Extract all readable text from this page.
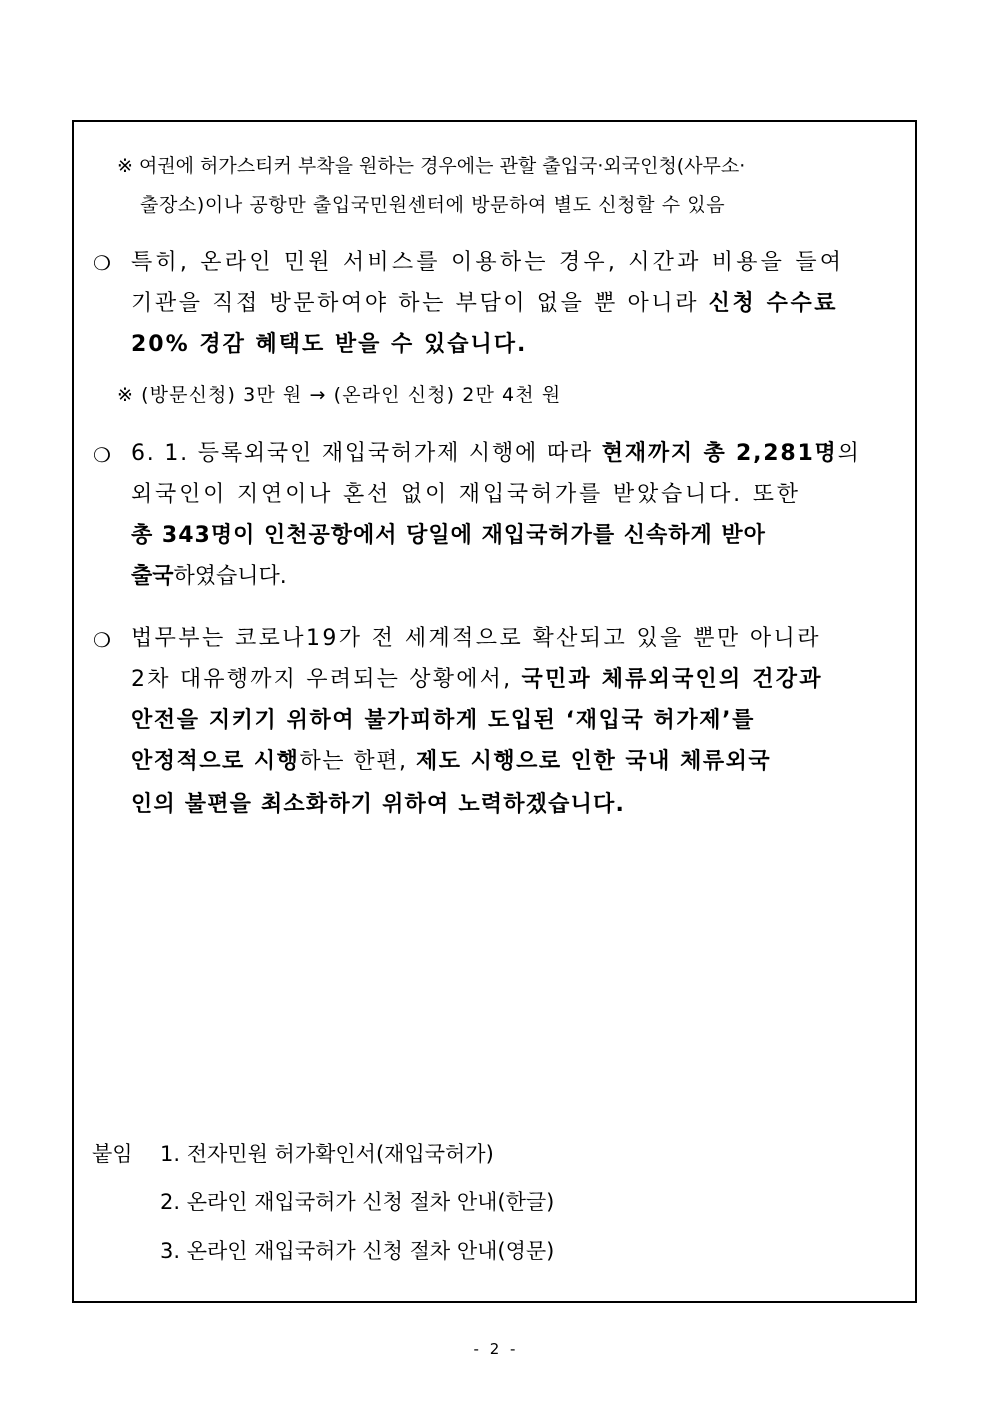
※ 여권에 허가스티커 부착을 원하는 경우에는 관할 출입국·외국인청(사무소·
출장소)이나 공항만 출입국민원센터에 방문하여 별도 신청할 수 있음
❍ 특히, 온라인 민원 서비스를 이용하는 경우, 시간과 비용을 들여
기관을 직접 방문하여야 하는 부담이 없을 뿐 아니라 신청 수수료
20% 경감 혜택도 받을 수 있습니다.
※ (방문신청) 3만 원 → (온라인 신청) 2만 4천 원
❍ 6. 1. 등록외국인 재입국허가제 시행에 따라 현재까지 총 2,281명의
외국인이 지연이나 혼선 없이 재입국허가를 받았습니다. 또한
총 343명이 인천공항에서 당일에 재입국허가를 신속하게 받아
출국하였습니다.
❍ 법무부는 코로나19가 전 세계적으로 확산되고 있을 뿐만 아니라
2차 대유행까지 우려되는 상황에서, 국민과 체류외국인의 건강과
안전을 지키기 위하여 불가피하게 도입된 ‘재입국 허가제’를
안정적으로 시행하는 한편, 제도 시행으로 인한 국내 체류외국
인의 불편을 최소화하기 위하여 노력하겠습니다.
붙임 1. 전자민원 허가확인서(재입국허가)
2. 온라인 재입국허가 신청 절차 안내(한글)
3. 온라인 재입국허가 신청 절차 안내(영문)
- 2 -
